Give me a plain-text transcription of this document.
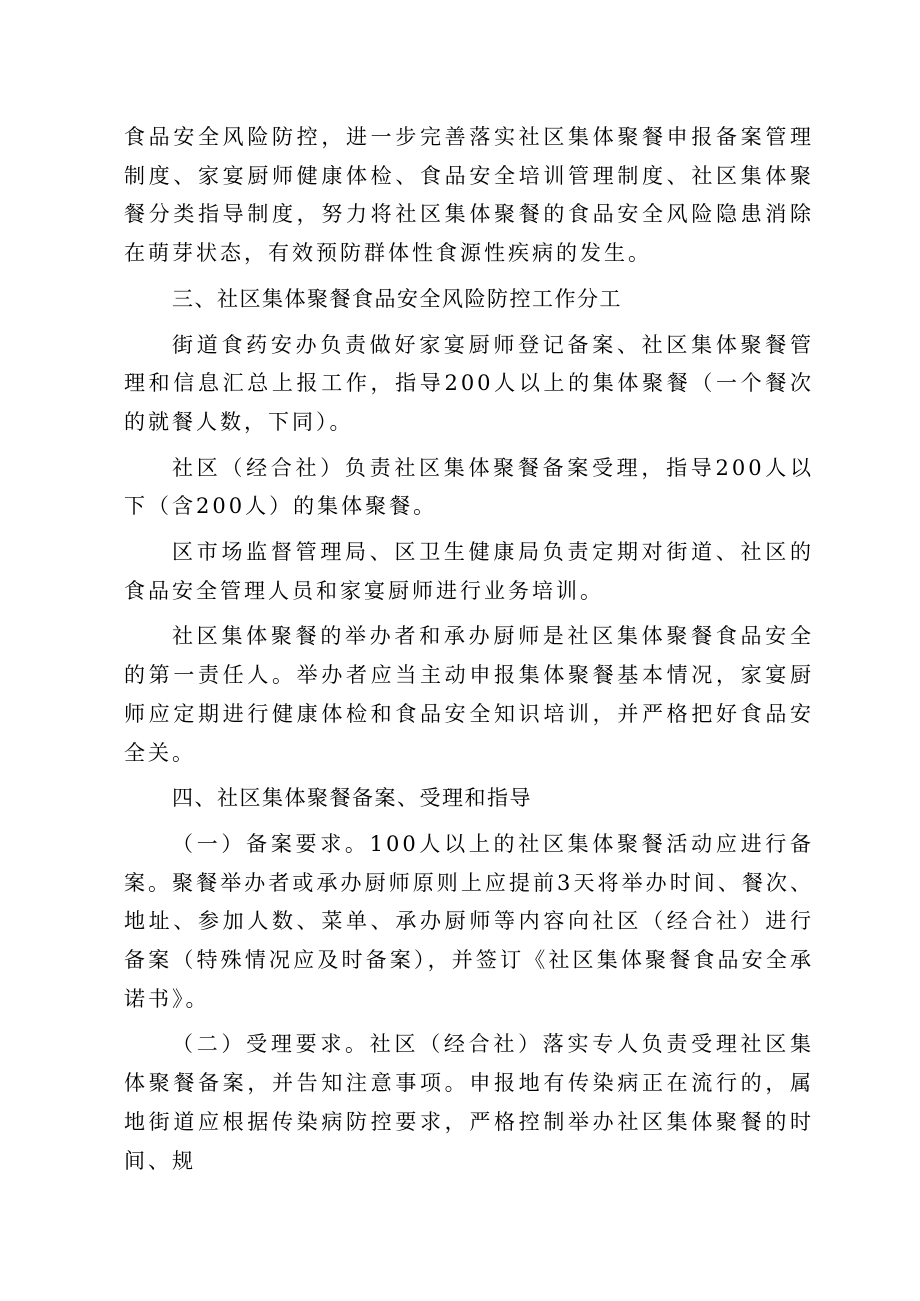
食品安全风险防控，进一步完善落实社区集体聚餐申报备案管理制度、家宴厨师健康体检、食品安全培训管理制度、社区集体聚餐分类指导制度，努力将社区集体聚餐的食品安全风险隐患消除在萌芽状态，有效预防群体性食源性疾病的发生。

三、社区集体聚餐食品安全风险防控工作分工

街道食药安办负责做好家宴厨师登记备案、社区集体聚餐管理和信息汇总上报工作，指导200人以上的集体聚餐（一个餐次的就餐人数，下同）。

社区（经合社）负责社区集体聚餐备案受理，指导200人以下（含200人）的集体聚餐。

区市场监督管理局、区卫生健康局负责定期对街道、社区的食品安全管理人员和家宴厨师进行业务培训。

社区集体聚餐的举办者和承办厨师是社区集体聚餐食品安全的第一责任人。举办者应当主动申报集体聚餐基本情况，家宴厨师应定期进行健康体检和食品安全知识培训，并严格把好食品安全关。

四、社区集体聚餐备案、受理和指导

（一）备案要求。100人以上的社区集体聚餐活动应进行备案。聚餐举办者或承办厨师原则上应提前3天将举办时间、餐次、地址、参加人数、菜单、承办厨师等内容向社区（经合社）进行备案（特殊情况应及时备案），并签订《社区集体聚餐食品安全承诺书》。

（二）受理要求。社区（经合社）落实专人负责受理社区集体聚餐备案，并告知注意事项。申报地有传染病正在流行的，属地街道应根据传染病防控要求，严格控制举办社区集体聚餐的时间、规
